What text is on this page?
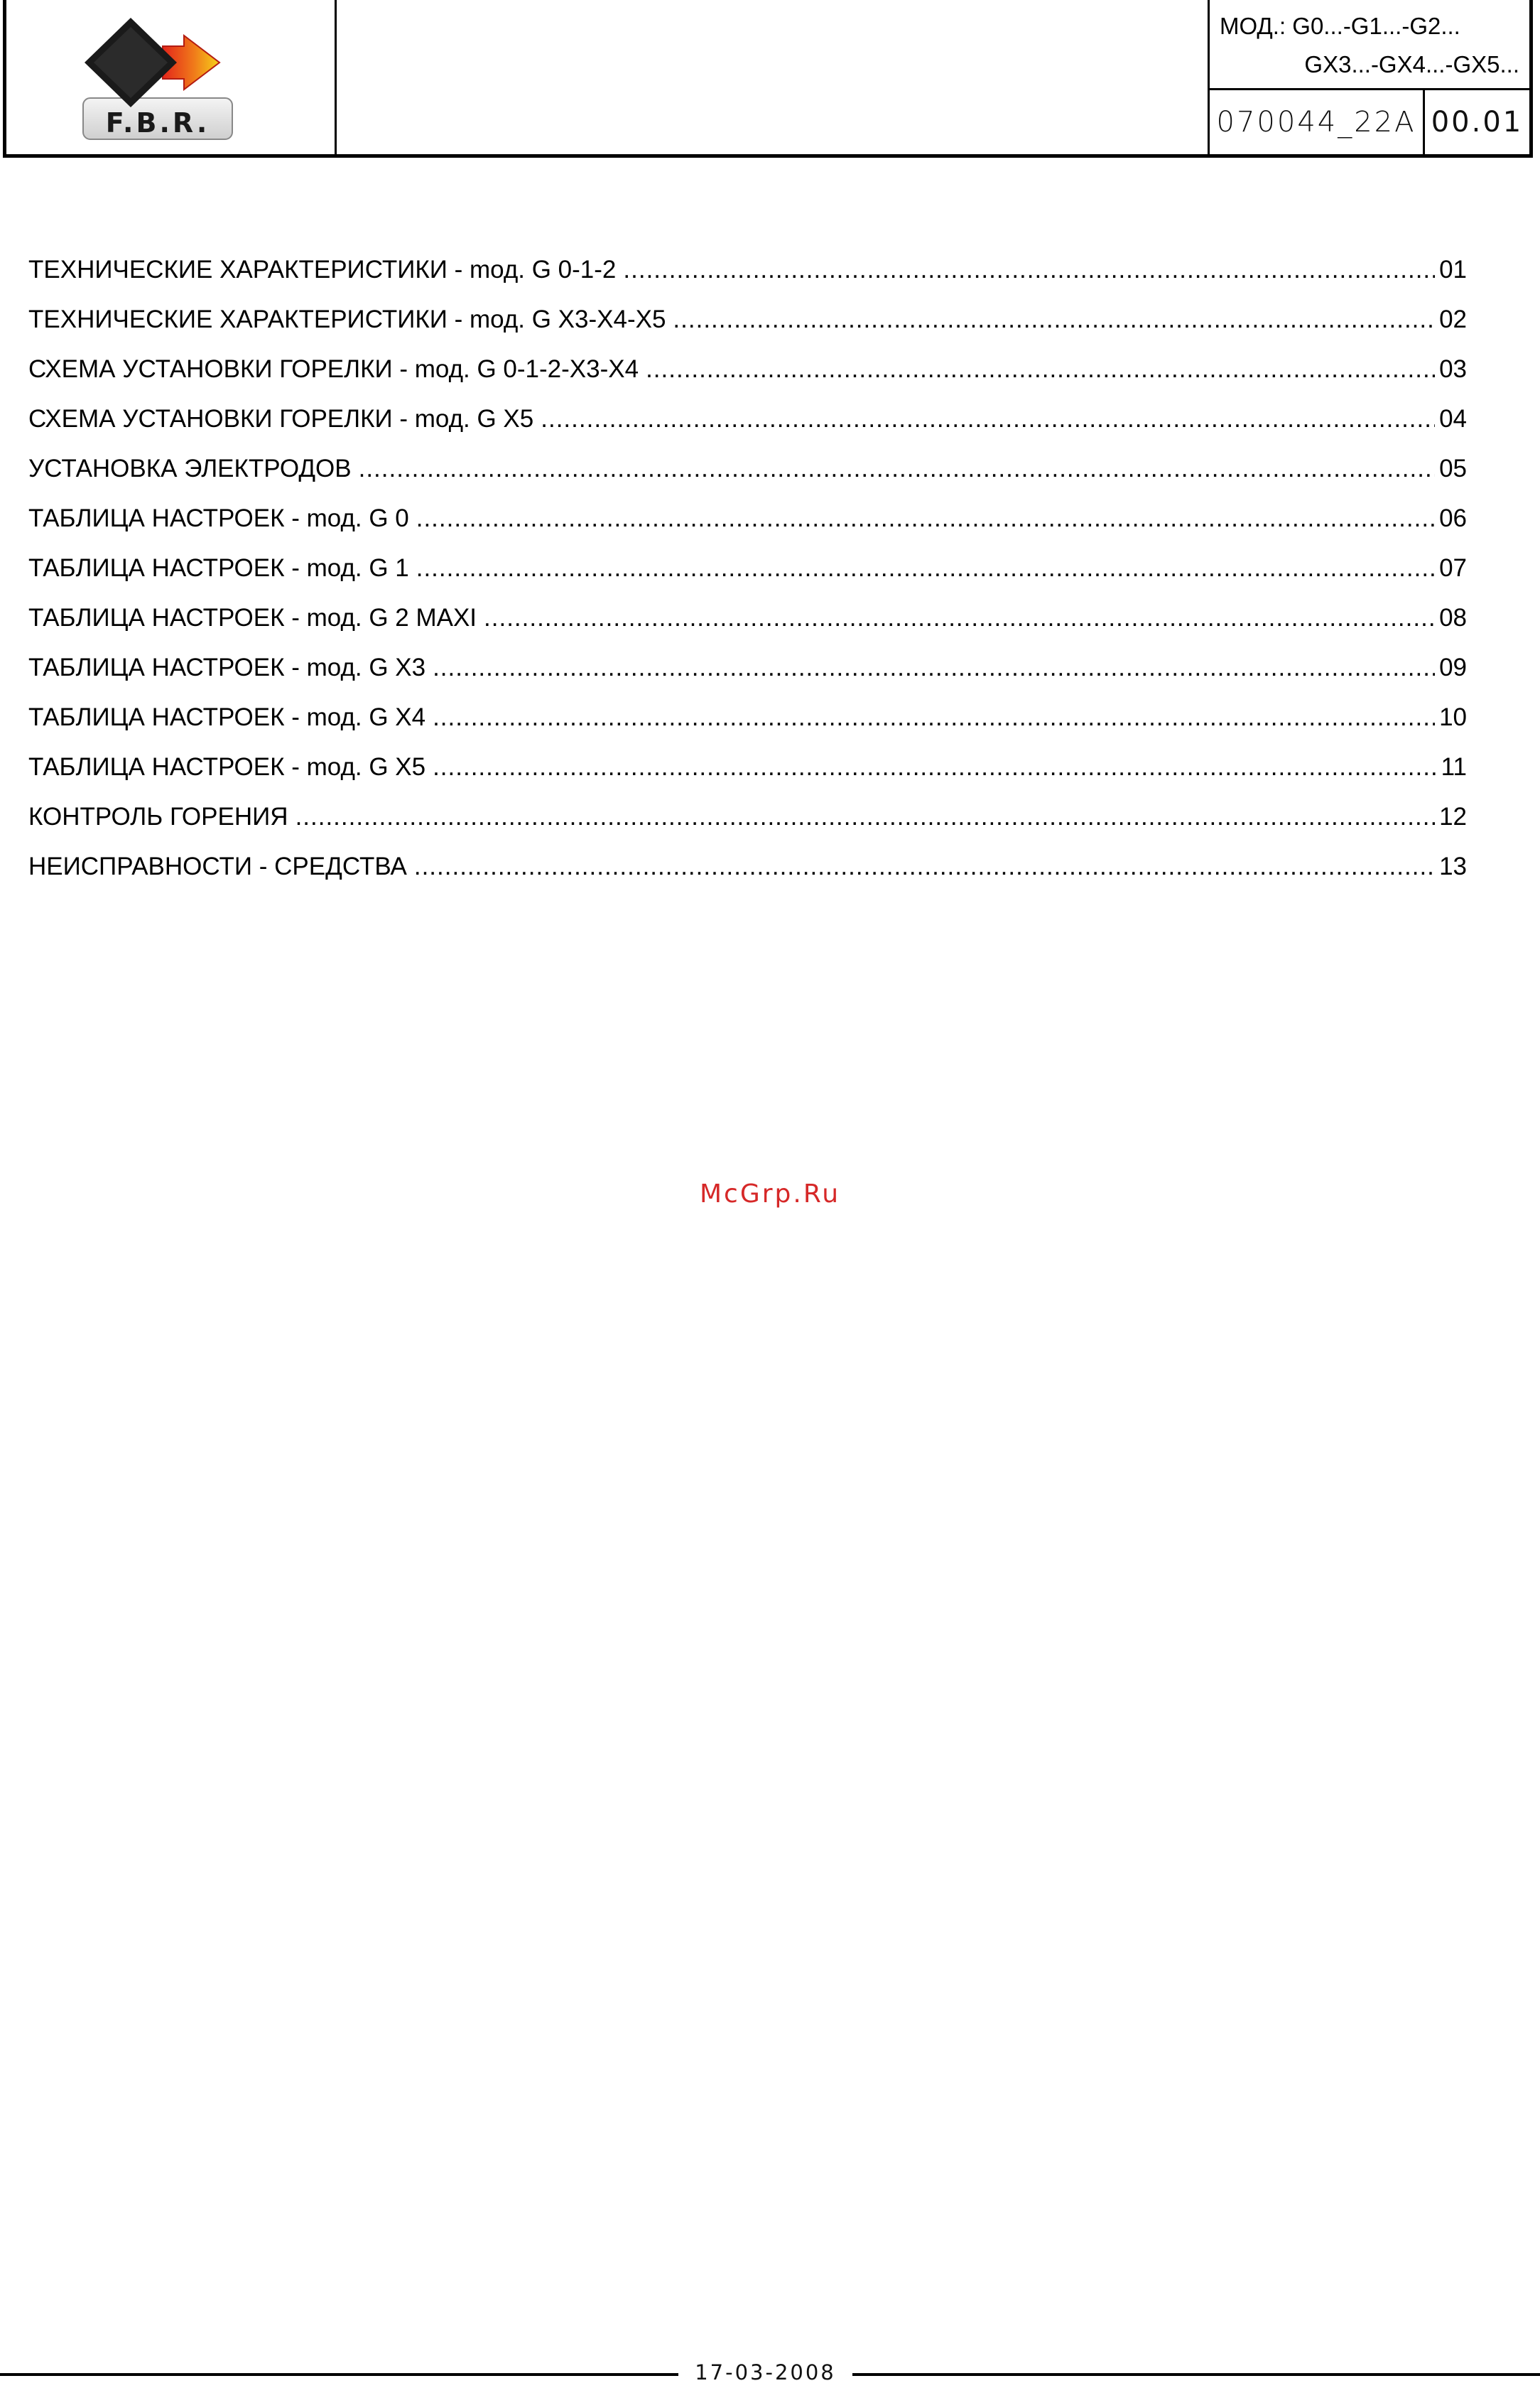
F.B.R.
МОД.: G0...-G1...-G2...
GX3...-GX4...-GX5...
070044_22A 00.01
ТЕХНИЧЕСКИЕ ХАРАКТЕРИСТИКИ - mод. G 0-1-2 .....	01
ТЕХНИЧЕСКИЕ ХАРАКТЕРИСТИКИ - mод. G X3-X4-X5 .....	02
СХЕМА УСТАНОВКИ ГОРЕЛКИ - mод. G 0-1-2-X3-X4 .....	03
СХЕМА УСТАНОВКИ ГОРЕЛКИ - mод. G X5 .....	04
УСТАНОВКА ЭЛЕКТРОДОВ .....	05
ТАБЛИЦА НАСТРОЕК - mод. G 0 .....	06
ТАБЛИЦА НАСТРОЕК - mод. G 1 .....	07
ТАБЛИЦА НАСТРОЕК - mод. G 2 MAXI .....	08
ТАБЛИЦА НАСТРОЕК - mод. G X3 .....	09
ТАБЛИЦА НАСТРОЕК - mод. G X4 .....	10
ТАБЛИЦА НАСТРОЕК - mод. G X5 .....	11
КОНТРОЛЬ ГОРЕНИЯ .....	12
НЕИСПРАВНОСТИ - СРЕДСТВА .....	13
McGrp.Ru
17-03-2008
